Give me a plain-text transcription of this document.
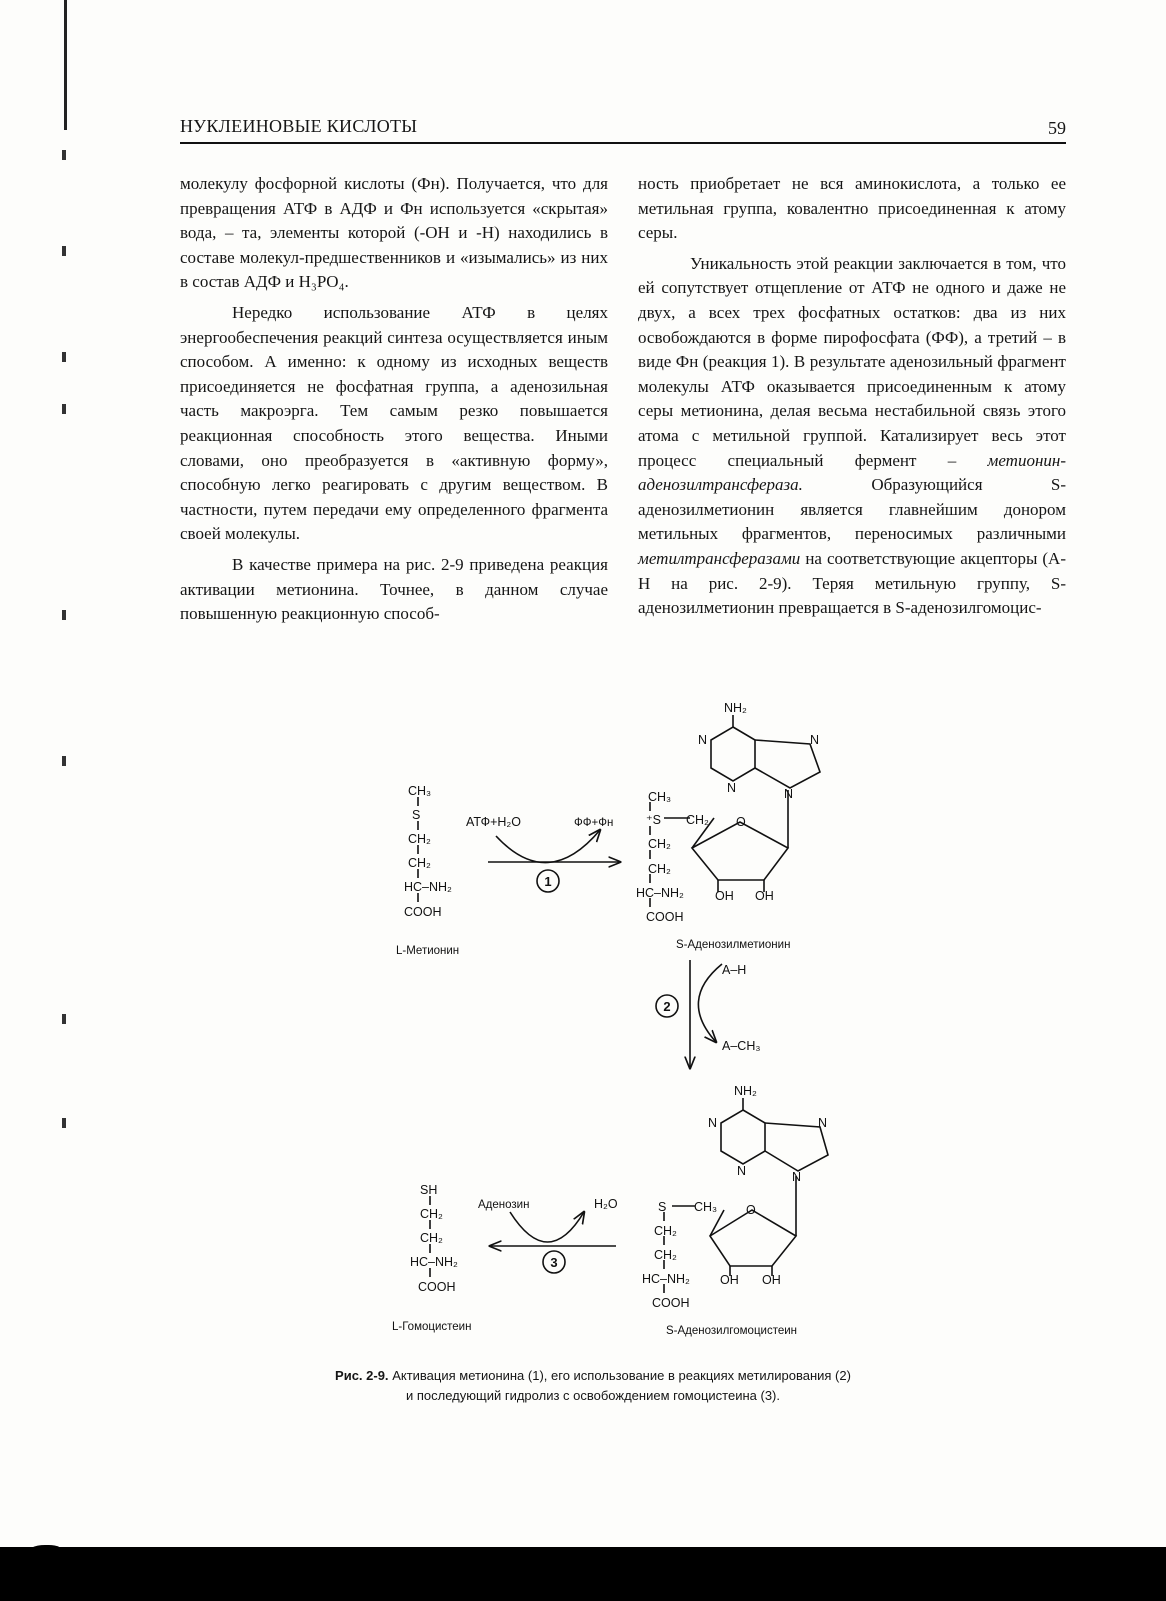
НУКЛЕИНОВЫЕ КИСЛОТЫ	59

молекулу фосфорной кислоты (Фн). Получается, что для превращения АТФ в АДФ и Фн используется «скрытая» вода, – та, элементы которой (-OH и -H) находились в составе молекул-предшественников и «изымались» из них в состав АДФ и H₃PO₄.

Нередко использование АТФ в целях энергообеспечения реакций синтеза осуществляется иным способом. А именно: к одному из исходных веществ присоединяется не фосфатная группа, а аденозильная часть макроэрга. Тем самым резко повышается реакционная способность этого вещества. Иными словами, оно преобразуется в «активную форму», способную легко реагировать с другим веществом. В частности, путем передачи ему определенного фрагмента своей молекулы.

В качестве примера на рис. 2-9 приведена реакция активации метионина. Точнее, в данном случае повышенную реакционную способ-

ность приобретает не вся аминокислота, а только ее метильная группа, ковалентно присоединенная к атому серы.

Уникальность этой реакции заключается в том, что ей сопутствует отщепление от АТФ не одного и даже не двух, а всех трех фосфатных остатков: два из них освобождаются в форме пирофосфата (ФФ), а третий – в виде Фн (реакция 1). В результате аденозильный фрагмент молекулы АТФ оказывается присоединенным к атому серы метионина, делая весьма нестабильной связь этого атома с метильной группой. Катализирует весь этот процесс специальный фермент – метионин-аденозилтрансфераза.	Образующийся S-аденозилметионин является главнейшим донором метильных фрагментов, переносимых различными метилтрансферазами на соответствующие акцепторы (А-Н на рис. 2-9). Теряя метильную группу, S-аденозилметионин превращается в S-аденозилгомоцис-

CH₃
S
CH₂
CH₂
HC–NH₂
COOH
L-Метионин
АТФ+H₂O	ФФ+Фн
1
CH₃
⁺S CH₂
CH₂
CH₂
HC–NH₂
COOH
O
OH OH
S-Аденозилметионин
NH₂
N
N
N
N
2
A–H
A–CH₃
NH₂
N
N
N
N
S CH₃
CH₂
CH₂
HC–NH₂
COOH
O
OH OH
S-Аденозилгомоцистеин
Аденозин	H₂O
3
SH
CH₂
CH₂
HC–NH₂
COOH
L-Гомоцистеин
Рис. 2-9. Активация метионина (1), его использование в реакциях метилирования (2)
и последующий гидролиз с освобождением гомоцистеина (3).
